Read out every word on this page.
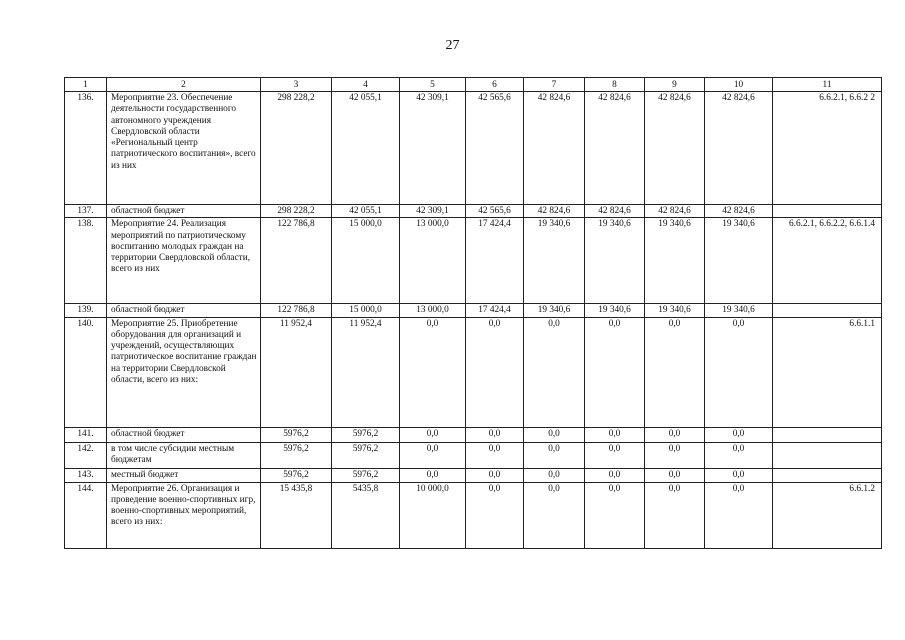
27
1	2	3	4	5	6	7	8	9	10	11
136.	Мероприятие 23. Обеспечение деятельности государственного автономного учреждения Свердловской области «Региональный центр патриотического воспитания», всего из них	298 228,2	42 055,1	42 309,1	42 565,6	42 824,6	42 824,6	42 824,6	42 824,6	6.6.2.1, 6.6.2 2
137.	областной бюджет	298 228,2	42 055,1	42 309,1	42 565,6	42 824,6	42 824,6	42 824,6	42 824,6	
138.	Мероприятие 24. Реализация мероприятий по патриотическому воспитанию молодых граждан на территории Свердловской области, всего из них	122 786,8	15 000,0	13 000,0	17 424,4	19 340,6	19 340,6	19 340,6	19 340,6	6.6.2.1, 6.6.2.2, 6.6.1.4
139.	областной бюджет	122 786,8	15 000,0	13 000,0	17 424,4	19 340,6	19 340,6	19 340,6	19 340,6	
140.	Мероприятие 25. Приобретение оборудования для организаций и учреждений, осуществляющих патриотическое воспитание граждан на территории Свердловской области, всего из них:	11 952,4	11 952,4	0,0	0,0	0,0	0,0	0,0	0,0	6.6.1.1
141.	областной бюджет	5976,2	5976,2	0,0	0,0	0,0	0,0	0,0	0,0	
142.	в том числе субсидии местным бюджетам	5976,2	5976,2	0,0	0,0	0,0	0,0	0,0	0,0	
143.	местный бюджет	5976,2	5976,2	0,0	0,0	0,0	0,0	0,0	0,0	
144.	Мероприятие 26. Организация и проведение военно-спортивных игр, военно-спортивных мероприятий, всего из них:	15 435,8	5435,8	10 000,0	0,0	0,0	0,0	0,0	0,0	6.6.1.2
